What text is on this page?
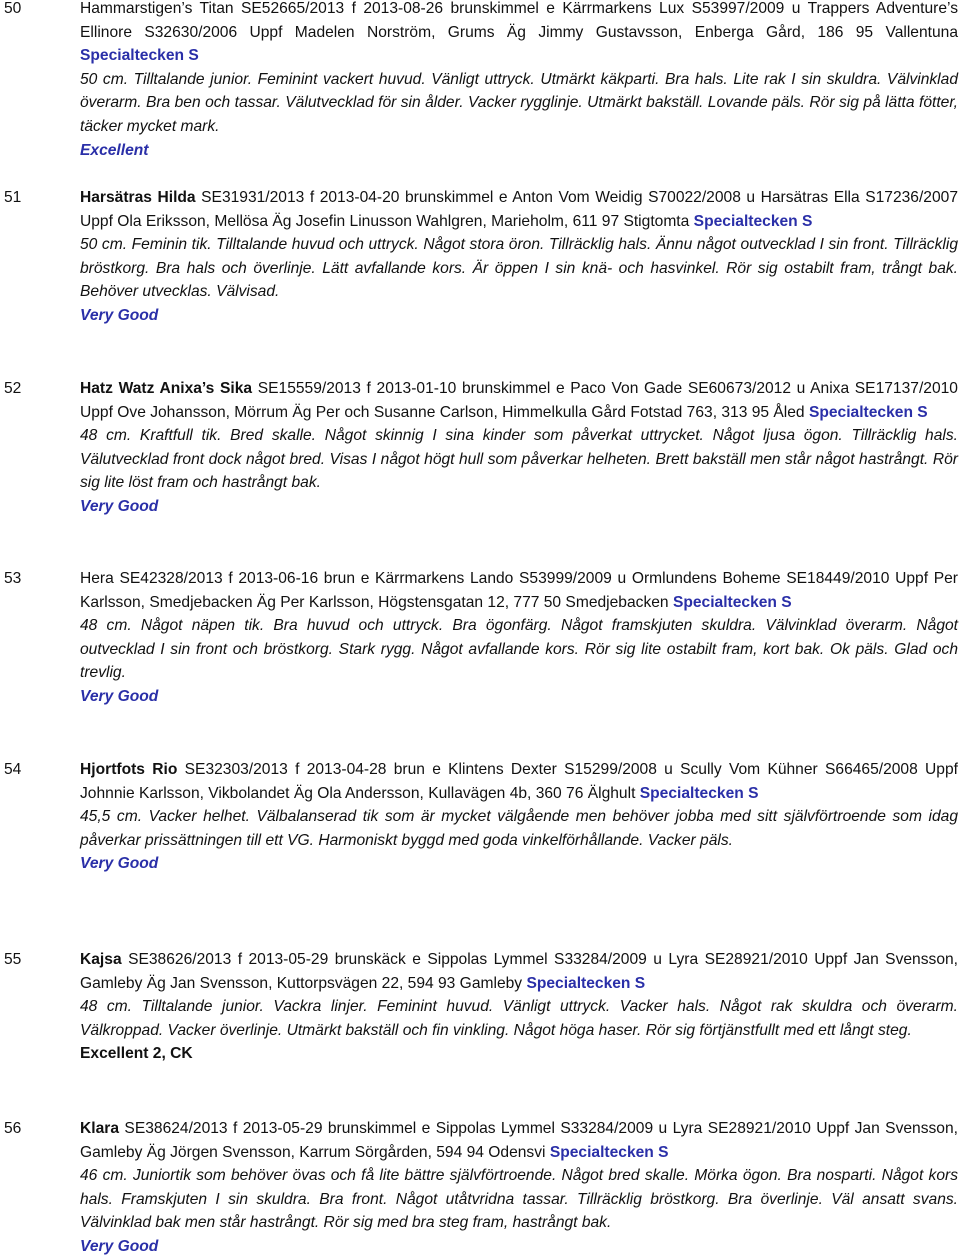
50	Hammarstigen’s Titan SE52665/2013 f 2013-08-26 brunskimmel e Kärrmarkens Lux S53997/2009 u Trappers Adventure’s Ellinore S32630/2006 Uppf Madelen Norström, Grums Äg Jimmy Gustavsson, Enberga Gård, 186 95 Vallentuna Specialtecken S

50 cm. Tilltalande junior. Feminint vackert huvud. Vänligt uttryck. Utmärkt käkparti. Bra hals. Lite rak I sin skuldra. Välvinklad överarm. Bra ben och tassar. Välutvecklad för sin ålder. Vacker rygglinje. Utmärkt bakställ. Lovande päls. Rör sig på lätta fötter, täcker mycket mark.

Excellent

51	Harsätras Hilda SE31931/2013 f 2013-04-20 brunskimmel e Anton Vom Weidig S70022/2008 u Harsätras Ella S17236/2007 Uppf Ola Eriksson, Mellösa Äg Josefin Linusson Wahlgren, Marieholm, 611 97 Stigtomta Specialtecken S

50 cm. Feminin tik. Tilltalande huvud och uttryck. Något stora öron. Tillräcklig hals. Ännu något outvecklad I sin front. Tillräcklig bröstkorg. Bra hals och överlinje. Lätt avfallande kors. Är öppen I sin knä- och hasvinkel. Rör sig ostabilt fram, trångt bak. Behöver utvecklas. Välvisad.

Very Good

52	Hatz Watz Anixa’s Sika SE15559/2013 f 2013-01-10 brunskimmel e Paco Von Gade SE60673/2012 u Anixa SE17137/2010 Uppf Ove Johansson, Mörrum Äg Per och Susanne Carlson, Himmelkulla Gård Fotstad 763, 313 95 Åled Specialtecken S

48 cm. Kraftfull tik. Bred skalle. Något skinnig I sina kinder som påverkat uttrycket. Något ljusa ögon. Tillräcklig hals. Välutvecklad front dock något bred. Visas I något högt hull som påverkar helheten. Brett bakställ men står något hastrångt. Rör sig lite löst fram och hastrångt bak.

Very Good

53	Hera SE42328/2013 f 2013-06-16 brun e Kärrmarkens Lando S53999/2009 u Ormlundens Boheme SE18449/2010 Uppf Per Karlsson, Smedjebacken Äg Per Karlsson, Högstensgatan 12, 777 50 Smedjebacken Specialtecken S

48 cm. Något näpen tik. Bra huvud och uttryck. Bra ögonfärg. Något framskjuten skuldra. Välvinklad överarm. Något outvecklad I sin front och bröstkorg. Stark rygg. Något avfallande kors. Rör sig lite ostabilt fram, kort bak. Ok päls. Glad och trevlig.

Very Good

54	Hjortfots Rio SE32303/2013 f 2013-04-28 brun e Klintens Dexter S15299/2008 u Scully Vom Kühner S66465/2008 Uppf Johnnie Karlsson, Vikbolandet Äg Ola Andersson, Kullavägen 4b, 360 76 Älghult Specialtecken S

45,5 cm. Vacker helhet. Välbalanserad tik som är mycket välgående men behöver jobba med sitt självförtroende som idag påverkar prissättningen till ett VG. Harmoniskt byggd med goda vinkelförhållande. Vacker päls.

Very Good

55	Kajsa SE38626/2013 f 2013-05-29 brunskäck e Sippolas Lymmel S33284/2009 u Lyra SE28921/2010 Uppf Jan Svensson, Gamleby Äg Jan Svensson, Kuttorpsvägen 22, 594 93 Gamleby Specialtecken S

48 cm. Tilltalande junior. Vackra linjer. Feminint huvud. Vänligt uttryck. Vacker hals. Något rak skuldra och överarm. Välkroppad. Vacker överlinje. Utmärkt bakställ och fin vinkling. Något höga haser. Rör sig förtjänstfullt med ett långt steg.

Excellent 2, CK

56	Klara SE38624/2013 f 2013-05-29 brunskimmel e Sippolas Lymmel S33284/2009 u Lyra SE28921/2010 Uppf Jan Svensson, Gamleby Äg Jörgen Svensson, Karrum Sörgården, 594 94 Odensvi Specialtecken S

46 cm. Juniortik som behöver övas och få lite bättre självförtroende. Något bred skalle. Mörka ögon. Bra nosparti. Något kors hals. Framskjuten I sin skuldra. Bra front. Något utåtvridna tassar. Tillräcklig bröstkorg. Bra överlinje. Väl ansatt svans. Välvinklad bak men står hastrångt. Rör sig med bra steg fram, hastrångt bak.

Very Good
